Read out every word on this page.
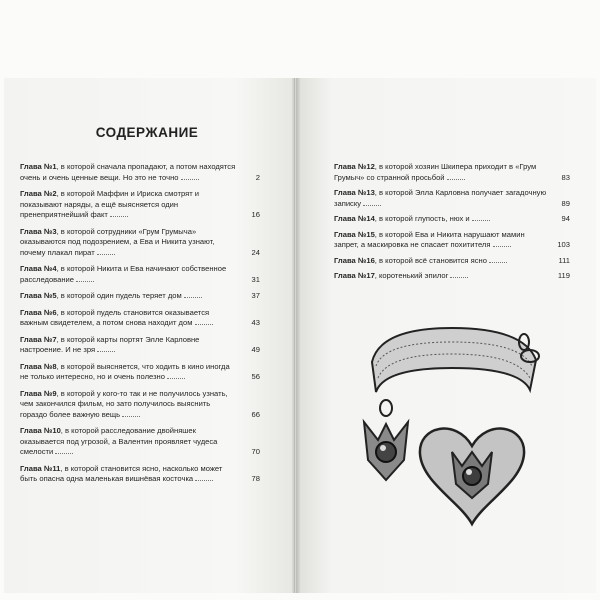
СОДЕРЖАНИЕ
Глава №1, в которой сначала пропадают, а потом находятся очень и очень ценные вещи. Но это не точно	2
Глава №2, в которой Маффин и Ириска смотрят и показывают наряды, а ещё выясняется один пренеприятнейший факт	16
Глава №3, в которой сотрудники «Грум Грумыча» оказываются под подозрением, а Ева и Никита узнают, почему плакал пират	24
Глава №4, в которой Никита и Ева начинают собственное расследование	31
Глава №5, в которой один пудель теряет дом	37
Глава №6, в которой пудель становится оказывается важным свидетелем, а потом снова находит дом	43
Глава №7, в которой карты портят Элле Карловне настроение. И не зря	49
Глава №8, в которой выясняется, что ходить в кино иногда не только интересно, но и очень полезно	56
Глава №9, в которой у кого-то так и не получилось узнать, чем закончился фильм, но зато получилось выяснить гораздо более важную вещь	66
Глава №10, в которой расследование двойняшек оказывается под угрозой, а Валентин проявляет чудеса смелости	70
Глава №11, в которой становится ясно, насколько может быть опасна одна маленькая вишнёвая косточка	78
Глава №12, в которой хозяин Шкипера приходит в «Грум Грумыч» со странной просьбой	83
Глава №13, в которой Элла Карловна получает загадочную записку	89
Глава №14, в которой глупость, нюх и	94
Глава №15, в которой Ева и Никита нарушают мамин запрет, а маскировка не спасает похитителя	103
Глава №16, в которой всё становится ясно	111
Глава №17, коротенький эпилог	119
